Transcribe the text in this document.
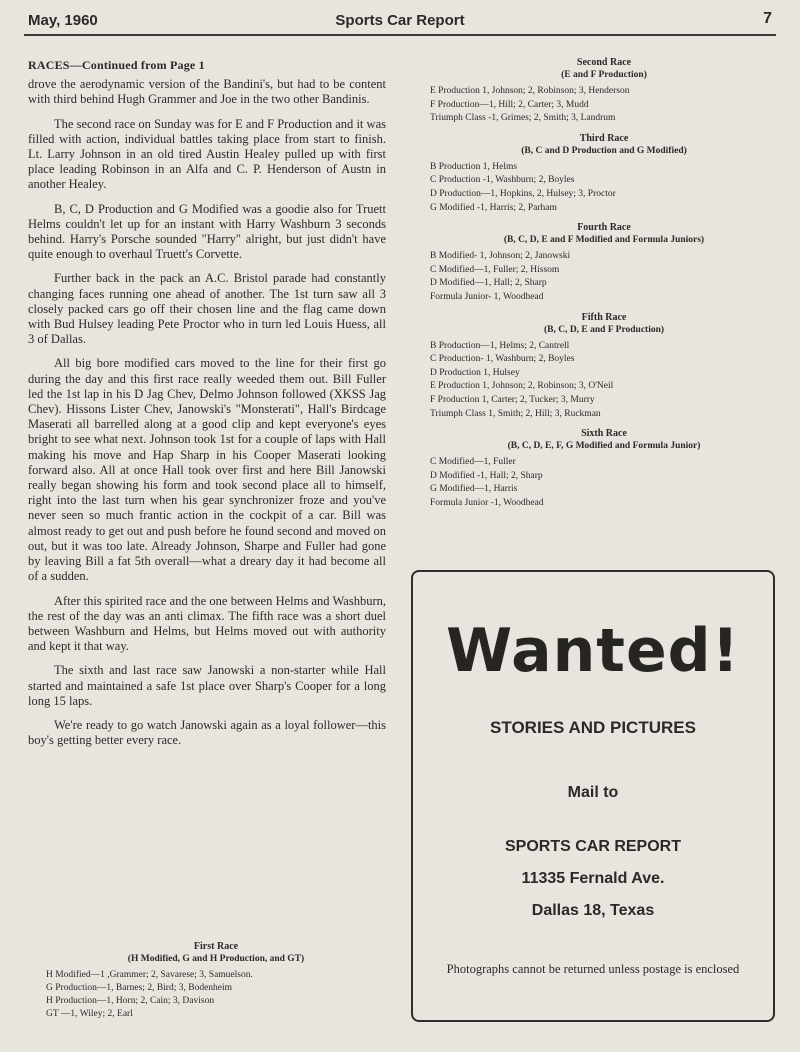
May, 1960	Sports Car Report	7
RACES—Continued from Page 1

drove the aerodynamic version of the Bandini's, but had to be content with third behind Hugh Grammer and Joe in the two other Bandinis.

The second race on Sunday was for E and F Production and it was filled with action, individual battles taking place from start to finish. Lt. Larry Johnson in an old tired Austin Healey pulled up with first place leading Robinson in an Alfa and C. P. Henderson of Austn in another Healey.

B, C, D Production and G Modified was a goodie also for Truett Helms couldn't let up for an instant with Harry Washburn 3 seconds behind. Harry's Porsche sounded "Harry" alright, but just didn't have quite enough to overhaul Truett's Corvette.

Further back in the pack an A.C. Bristol parade had constantly changing faces running one ahead of another. The 1st turn saw all 3 closely packed cars go off their chosen line and the flag came down with Bud Hulsey leading Pete Proctor who in turn led Louis Huess, all 3 of Dallas.

All big bore modified cars moved to the line for their first go during the day and this first race really weeded them out. Bill Fuller led the 1st lap in his D Jag Chev, Delmo Johnson followed (XKSS Jag Chev). Hissons Lister Chev, Janowski's "Monsterati", Hall's Birdcage Maserati all barrelled along at a good clip and kept everyone's eyes bright to see what next. Johnson took 1st for a couple of laps with Hall making his move and Hap Sharp in his Cooper Maserati looking forward also. All at once Hall took over first and here Bill Janowski really began showing his form and took second place all to himself, right into the last turn when his gear synchronizer froze and you've never seen so much frantic action in the cockpit of a car. Bill was almost ready to get out and push before he found second and moved on out, but it was too late. Already Johnson, Sharpe and Fuller had gone by leaving Bill a fat 5th overall—what a dreary day it had become all of a sudden.

After this spirited race and the one between Helms and Washburn, the rest of the day was an anti climax. The fifth race was a short duel between Washburn and Helms, but Helms moved out with authority and kept it that way.

The sixth and last race saw Janowski a non-starter while Hall started and maintained a safe 1st place over Sharp's Cooper for a long long 15 laps.

We're ready to go watch Janowski again as a loyal follower—this boy's getting better every race.

First Race
(H Modified, G and H Production, and GT)
H Modified—1 ,Grammer; 2, Savarese; 3, Samuelson.
G Production—1, Barnes; 2, Bird; 3, Bodenheim
H Production—1, Horn; 2, Cain; 3, Davison
GT —1, Wiley; 2, Earl
Second Race
(E and F Production)
E Production 1, Johnson; 2, Robinson; 3, Henderson
F Production—1, Hill; 2, Carter; 3, Mudd
Triumph Class -1, Grimes; 2, Smith; 3, Landrum
Third Race
(B, C and D Production and G Modified)
B Production 1, Helms
C Production -1, Washburn; 2, Boyles
D Production—1, Hopkins, 2, Hulsey; 3, Proctor
G Modified -1, Harris; 2, Parham
Fourth Race
(B, C, D, E and F Modified and Formula Juniors)
B Modified- 1, Johnson; 2, Janowski
C Modified—1, Fuller; 2, Hissom
D Modified—1, Hall; 2, Sharp
Formula Junior- 1, Woodhead
Fifth Race
(B, C, D, E and F Production)
B Production—1, Helms; 2, Cantrell
C Production- 1, Washburn; 2, Boyles
D Production 1, Hulsey
E Production 1, Johnson; 2, Robinson; 3, O'Neil
F Production 1, Carter; 2, Tucker; 3, Murry
Triumph Class 1, Smith; 2, Hill; 3, Ruckman
Sixth Race
(B, C, D, E, F, G Modified and Formula Junior)
C Modified—1, Fuller
D Modified -1, Hall; 2, Sharp
G Modified—1, Harris
Formula Junior -1, Woodhead
Wanted!
STORIES AND PICTURES
Mail to
SPORTS CAR REPORT
11335 Fernald Ave.
Dallas 18, Texas
Photographs cannot be returned unless postage is enclosed
